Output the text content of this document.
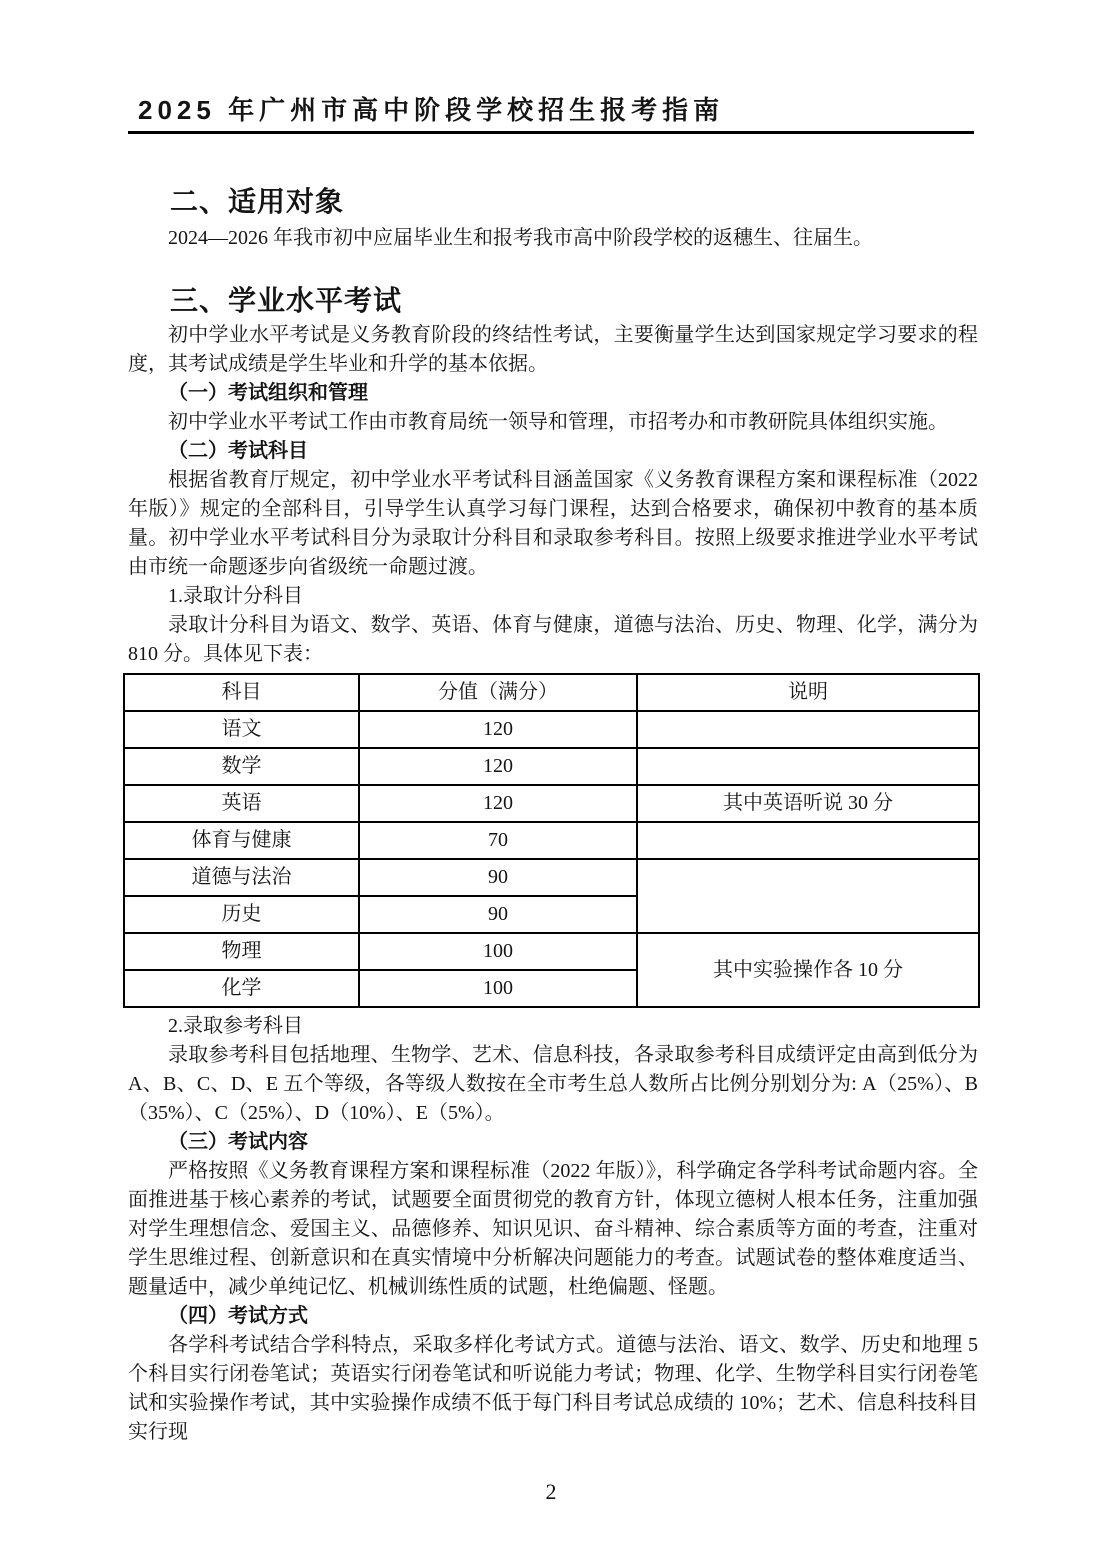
2025 年广州市高中阶段学校招生报考指南
二、适用对象

2024—2026 年我市初中应届毕业生和报考我市高中阶段学校的返穗生、往届生。

三、学业水平考试

初中学业水平考试是义务教育阶段的终结性考试，主要衡量学生达到国家规定学习要求的程度，其考试成绩是学生毕业和升学的基本依据。

（一）考试组织和管理

初中学业水平考试工作由市教育局统一领导和管理，市招考办和市教研院具体组织实施。

（二）考试科目

根据省教育厅规定，初中学业水平考试科目涵盖国家《义务教育课程方案和课程标准（2022 年版）》规定的全部科目，引导学生认真学习每门课程，达到合格要求，确保初中教育的基本质量。初中学业水平考试科目分为录取计分科目和录取参考科目。按照上级要求推进学业水平考试由市统一命题逐步向省级统一命题过渡。

1.录取计分科目

录取计分科目为语文、数学、英语、体育与健康，道德与法治、历史、物理、化学，满分为 810 分。具体见下表：

科目	分值（满分）	说明
语文	120	
数学	120	
英语	120	其中英语听说 30 分
体育与健康	70	
道德与法治	90	
历史	90	
物理	100	其中实验操作各 10 分
化学	100	

2.录取参考科目

录取参考科目包括地理、生物学、艺术、信息科技，各录取参考科目成绩评定由高到低分为 A、B、C、D、E 五个等级，各等级人数按在全市考生总人数所占比例分别划分为: A（25%）、B（35%）、C（25%）、D（10%）、E（5%）。

（三）考试内容

严格按照《义务教育课程方案和课程标准（2022 年版）》，科学确定各学科考试命题内容。全面推进基于核心素养的考试，试题要全面贯彻党的教育方针，体现立德树人根本任务，注重加强对学生理想信念、爱国主义、品德修养、知识见识、奋斗精神、综合素质等方面的考查，注重对学生思维过程、创新意识和在真实情境中分析解决问题能力的考查。试题试卷的整体难度适当、题量适中，减少单纯记忆、机械训练性质的试题，杜绝偏题、怪题。

（四）考试方式

各学科考试结合学科特点，采取多样化考试方式。道德与法治、语文、数学、历史和地理 5 个科目实行闭卷笔试；英语实行闭卷笔试和听说能力考试；物理、化学、生物学科目实行闭卷笔试和实验操作考试，其中实验操作成绩不低于每门科目考试总成绩的 10%；艺术、信息科技科目实行现

2
